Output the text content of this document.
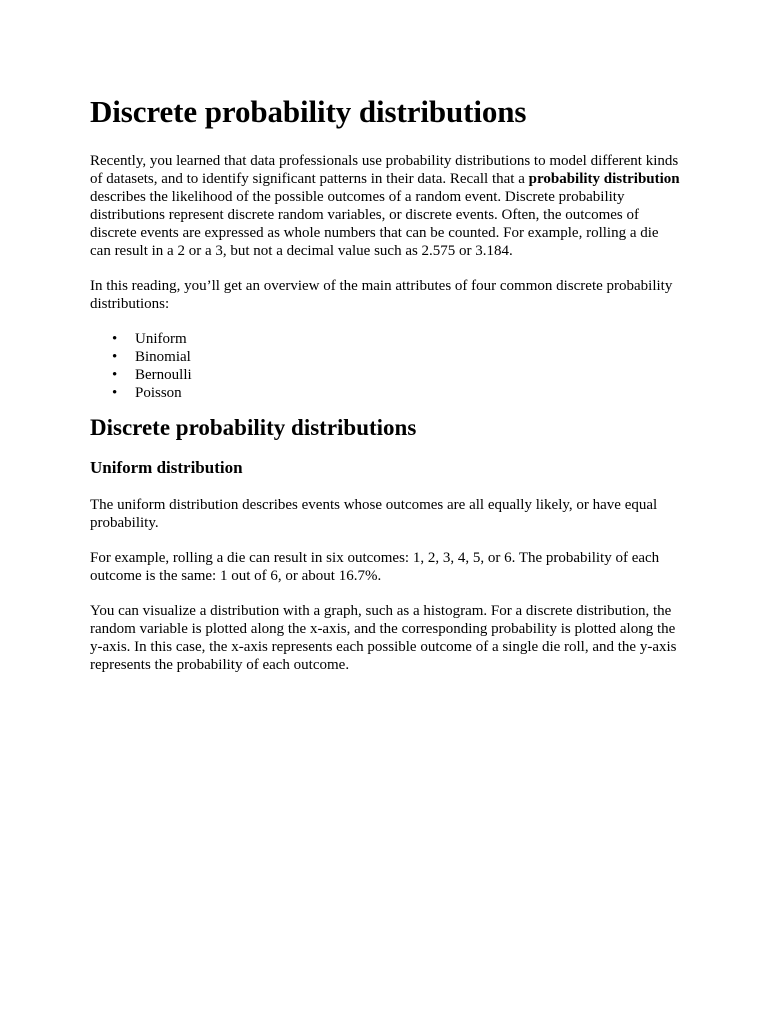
Discrete probability distributions

Recently, you learned that data professionals use probability distributions to model different kinds of datasets, and to identify significant patterns in their data. Recall that a probability distribution describes the likelihood of the possible outcomes of a random event. Discrete probability distributions represent discrete random variables, or discrete events. Often, the outcomes of discrete events are expressed as whole numbers that can be counted. For example, rolling a die can result in a 2 or a 3, but not a decimal value such as 2.575 or 3.184.

In this reading, you’ll get an overview of the main attributes of four common discrete probability distributions:

• Uniform
• Binomial
• Bernoulli
• Poisson
Discrete probability distributions
Uniform distribution

The uniform distribution describes events whose outcomes are all equally likely, or have equal probability.

For example, rolling a die can result in six outcomes: 1, 2, 3, 4, 5, or 6. The probability of each outcome is the same: 1 out of 6, or about 16.7%.

You can visualize a distribution with a graph, such as a histogram. For a discrete distribution, the random variable is plotted along the x-axis, and the corresponding probability is plotted along the y-axis. In this case, the x-axis represents each possible outcome of a single die roll, and the y-axis represents the probability of each outcome.
